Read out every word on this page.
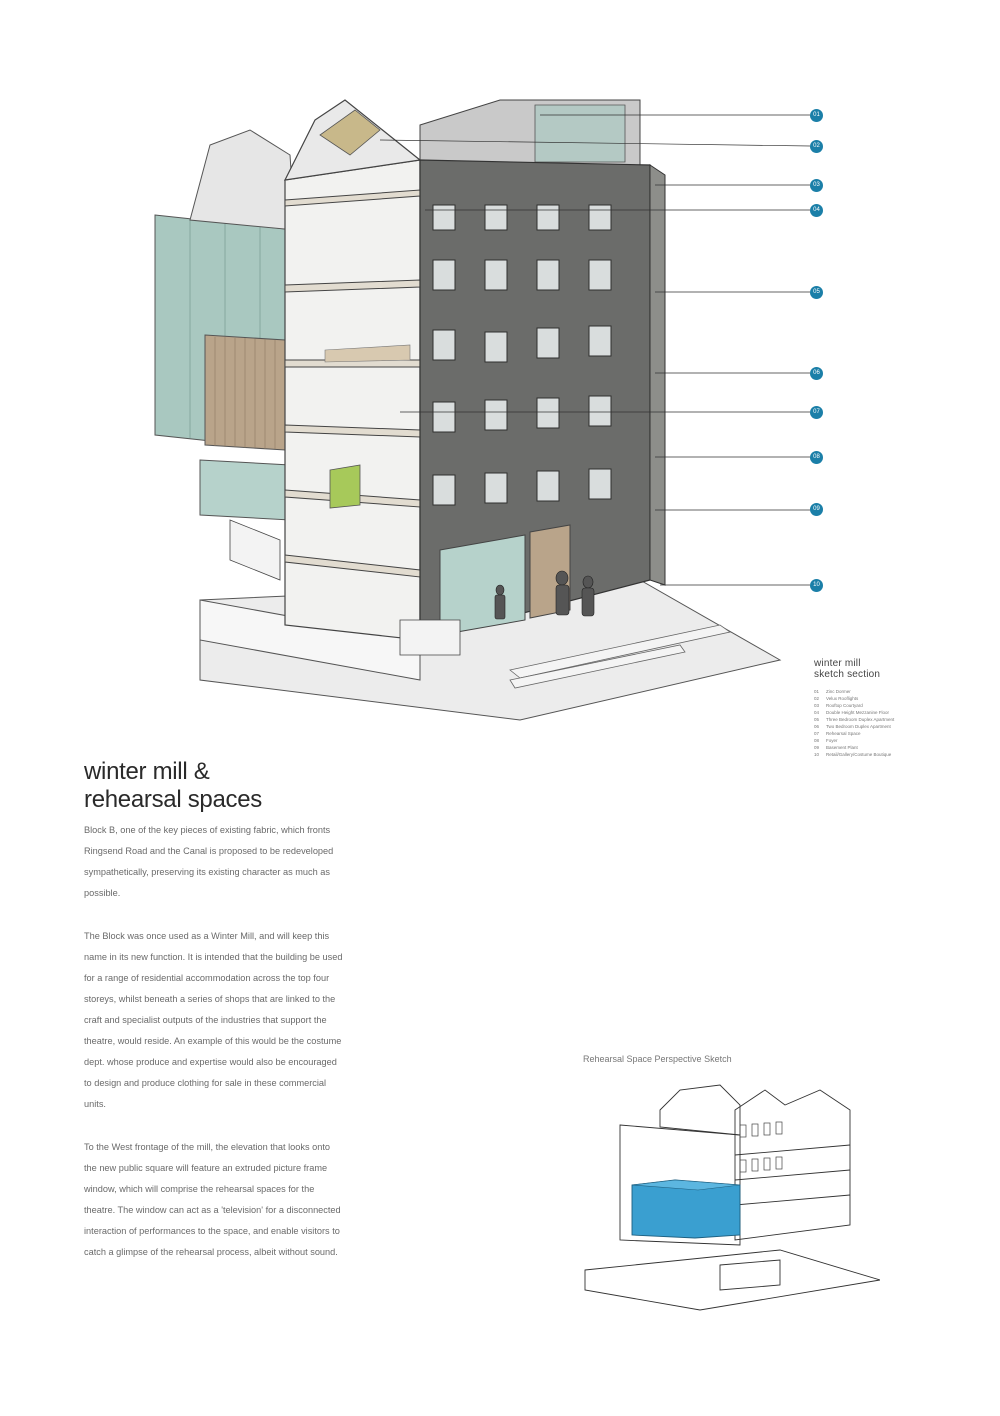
01
02
03
04
05
06
07
08
09
10
winter mill
sketch section
01	Zinc Dormer
02	Velux Rooflights
03	Rooftop Courtyard
04	Double Height Mezzanine Floor
05	Three Bedroom Duplex Apartment
06	Two Bedroom Duplex Apartment
07	Rehearsal Space
08	Foyer
09	Basement Plant
10	Retail/Gallery/Costume Boutique
winter mill &
rehearsal spaces

Block B, one of the key pieces of existing fabric, which fronts Ringsend Road and the Canal is proposed to be redeveloped sympathetically, preserving its existing character as much as possible.

The Block was once used as a Winter Mill, and will keep this name in its new function. It is intended that the building be used for a range of residential accommodation across the top four storeys, whilst beneath a series of shops that are linked to the craft and specialist outputs of the industries that support the theatre, would reside. An example of this would be the costume dept. whose produce and expertise would also be encouraged to design and produce clothing for sale in these commercial units.

To the West frontage of the mill, the elevation that looks onto the new public square will feature an extruded picture frame window, which will comprise the rehearsal spaces for the theatre. The window can act as a 'television' for a disconnected interaction of performances to the space, and enable visitors to catch a glimpse of the rehearsal process, albeit without sound.

Rehearsal Space Perspective Sketch
